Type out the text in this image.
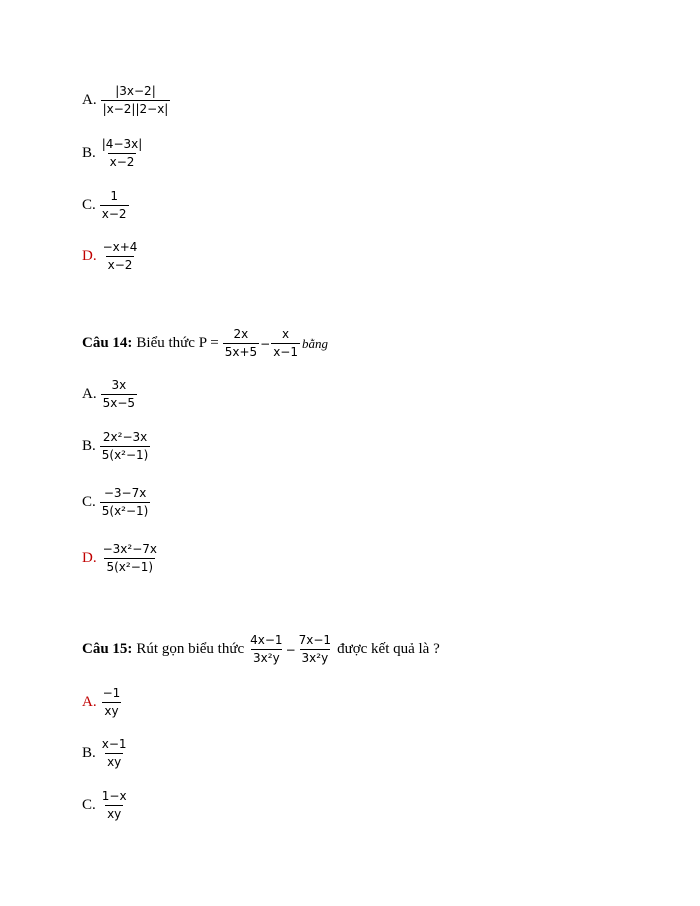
A. $\frac{|3x-2|}{|x-2||2-x|}$
B. $\frac{|4-3x|}{x-2}$
C. $\frac{1}{x-2}$
D. $\frac{-x+4}{x-2}$
Câu 14: Biểu thức $P = \frac{2x}{5x+5} - \frac{x}{x-1}$ bằng
A. $\frac{3x}{5x-5}$
B. $\frac{\text{2x²−3x}}{\text{5(x²−1)}}$
C. $\frac{-3-7x}{\text{5(x²−1)}}$
D. $\frac{\text{−3x²−7x}}{\text{5(x²−1)}}$
Câu 15: Rút gọn biểu thức $\frac{4x-1}{\text{3x²y}} - \frac{7x-1}{\text{3x²y}}$ được kết quả là ?
A. $\frac{-1}{xy}$
B. $\frac{x-1}{xy}$
C. $\frac{1-x}{xy}$
